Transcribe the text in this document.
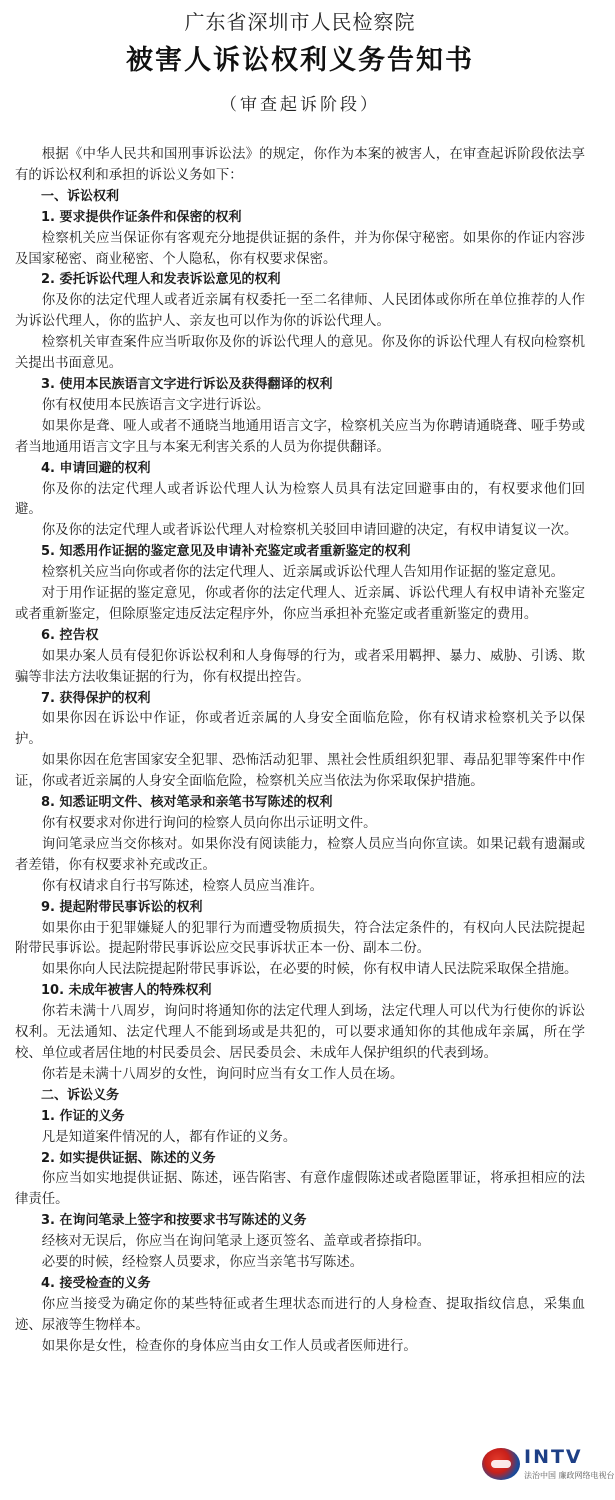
广东省深圳市人民检察院
被害人诉讼权利义务告知书
（审查起诉阶段）

根据《中华人民共和国刑事诉讼法》的规定，你作为本案的被害人，在审查起诉阶段依法享有的诉讼权利和承担的诉讼义务如下：

一、诉讼权利

1. 要求提供作证条件和保密的权利

检察机关应当保证你有客观充分地提供证据的条件，并为你保守秘密。如果你的作证内容涉及国家秘密、商业秘密、个人隐私，你有权要求保密。

2. 委托诉讼代理人和发表诉讼意见的权利

你及你的法定代理人或者近亲属有权委托一至二名律师、人民团体或你所在单位推荐的人作为诉讼代理人，你的监护人、亲友也可以作为你的诉讼代理人。

检察机关审查案件应当听取你及你的诉讼代理人的意见。你及你的诉讼代理人有权向检察机关提出书面意见。

3. 使用本民族语言文字进行诉讼及获得翻译的权利

你有权使用本民族语言文字进行诉讼。

如果你是聋、哑人或者不通晓当地通用语言文字，检察机关应当为你聘请通晓聋、哑手势或者当地通用语言文字且与本案无利害关系的人员为你提供翻译。

4. 申请回避的权利

你及你的法定代理人或者诉讼代理人认为检察人员具有法定回避事由的，有权要求他们回避。

你及你的法定代理人或者诉讼代理人对检察机关驳回申请回避的决定，有权申请复议一次。

5. 知悉用作证据的鉴定意见及申请补充鉴定或者重新鉴定的权利

检察机关应当向你或者你的法定代理人、近亲属或诉讼代理人告知用作证据的鉴定意见。

对于用作证据的鉴定意见，你或者你的法定代理人、近亲属、诉讼代理人有权申请补充鉴定或者重新鉴定，但除原鉴定违反法定程序外，你应当承担补充鉴定或者重新鉴定的费用。

6. 控告权

如果办案人员有侵犯你诉讼权利和人身侮辱的行为，或者采用羁押、暴力、威胁、引诱、欺骗等非法方法收集证据的行为，你有权提出控告。

7. 获得保护的权利

如果你因在诉讼中作证，你或者近亲属的人身安全面临危险，你有权请求检察机关予以保护。

如果你因在危害国家安全犯罪、恐怖活动犯罪、黑社会性质组织犯罪、毒品犯罪等案件中作证，你或者近亲属的人身安全面临危险，检察机关应当依法为你采取保护措施。

8. 知悉证明文件、核对笔录和亲笔书写陈述的权利

你有权要求对你进行询问的检察人员向你出示证明文件。

询问笔录应当交你核对。如果你没有阅读能力，检察人员应当向你宣读。如果记载有遗漏或者差错，你有权要求补充或改正。

你有权请求自行书写陈述，检察人员应当准许。

9. 提起附带民事诉讼的权利

如果你由于犯罪嫌疑人的犯罪行为而遭受物质损失，符合法定条件的，有权向人民法院提起附带民事诉讼。提起附带民事诉讼应交民事诉状正本一份、副本二份。

如果你向人民法院提起附带民事诉讼，在必要的时候，你有权申请人民法院采取保全措施。

10. 未成年被害人的特殊权利

你若未满十八周岁，询问时将通知你的法定代理人到场，法定代理人可以代为行使你的诉讼权利。无法通知、法定代理人不能到场或是共犯的，可以要求通知你的其他成年亲属，所在学校、单位或者居住地的村民委员会、居民委员会、未成年人保护组织的代表到场。

你若是未满十八周岁的女性，询问时应当有女工作人员在场。

二、诉讼义务

1. 作证的义务

凡是知道案件情况的人，都有作证的义务。

2. 如实提供证据、陈述的义务

你应当如实地提供证据、陈述，诬告陷害、有意作虚假陈述或者隐匿罪证，将承担相应的法律责任。

3. 在询问笔录上签字和按要求书写陈述的义务

经核对无误后，你应当在询问笔录上逐页签名、盖章或者捺指印。

必要的时候，经检察人员要求，你应当亲笔书写陈述。

4. 接受检查的义务

你应当接受为确定你的某些特征或者生理状态而进行的人身检查、提取指纹信息，采集血迹、尿液等生物样本。

如果你是女性，检查你的身体应当由女工作人员或者医师进行。

INTV
法治中国 廉政网络电视台
